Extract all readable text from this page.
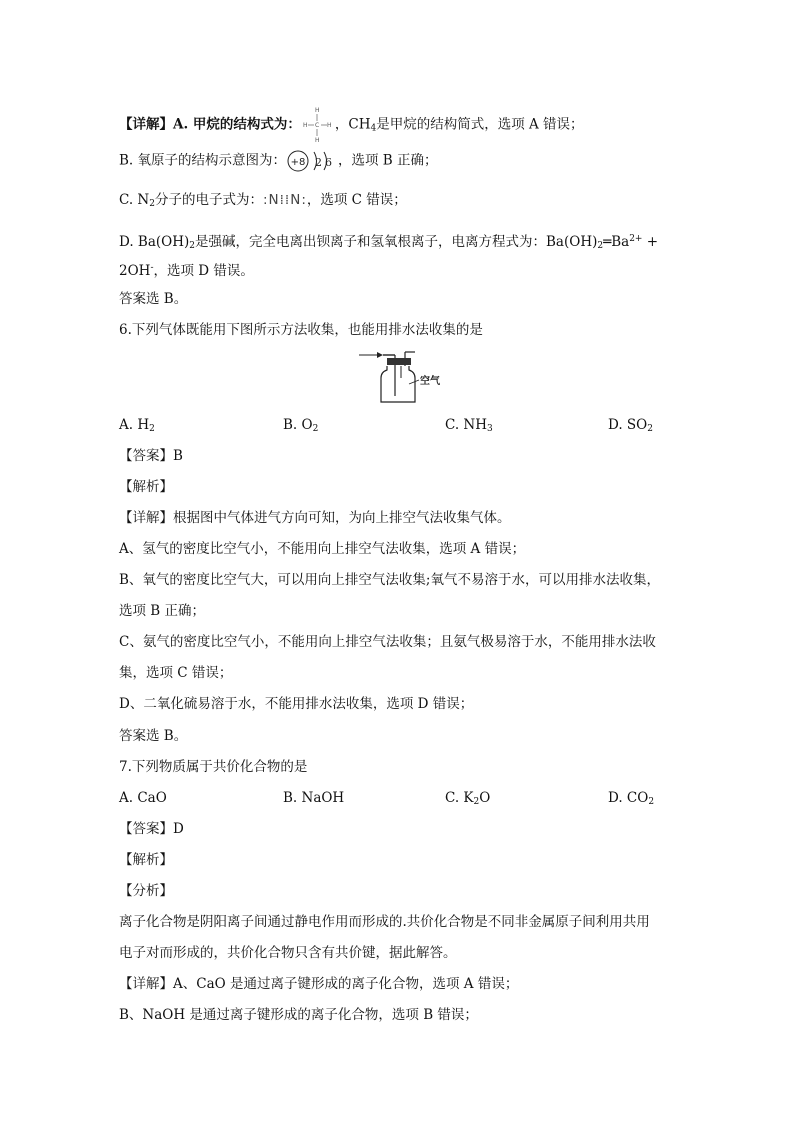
【详解】A. 甲烷的结构式为：
H
H
H	H
C ，$CH_4$是甲烷的结构简式，选项 A 错误；
B. 氧原子的结构示意图为： +8 2 6 ，选项 B 正确；
C. $N_2$分子的电子式为：:N⁞⁞N:，选项 C 错误；
D. $Ba(OH)_2$是强碱，完全电离出钡离子和氢氧根离子，电离方程式为：$Ba(OH)_2═Ba^{2+}$ +
2OH-，选项 D 错误。
答案选 B。
6.下列气体既能用下图所示方法收集，也能用排水法收集的是
空气
A. $H_2$	B. $O_2$	C. $NH_3$	D. $SO_2$
【答案】B
【解析】
【详解】根据图中气体进气方向可知，为向上排空气法收集气体。
A、氢气的密度比空气小，不能用向上排空气法收集，选项 A 错误；
B、氧气的密度比空气大，可以用向上排空气法收集;氧气不易溶于水，可以用排水法收集，
选项 B 正确；
C、氨气的密度比空气小，不能用向上排空气法收集；且氨气极易溶于水，不能用排水法收
集，选项 C 错误；
D、二氧化硫易溶于水，不能用排水法收集，选项 D 错误；
答案选 B。
7.下列物质属于共价化合物的是
A. CaO	B. NaOH	C. $K_2O$	D. $CO_2$
【答案】D
【解析】
【分析】
离子化合物是阴阳离子间通过静电作用而形成的.共价化合物是不同非金属原子间利用共用
电子对而形成的，共价化合物只含有共价键，据此解答。
【详解】A、CaO 是通过离子键形成的离子化合物，选项 A 错误；
B、NaOH 是通过离子键形成的离子化合物，选项 B 错误；
